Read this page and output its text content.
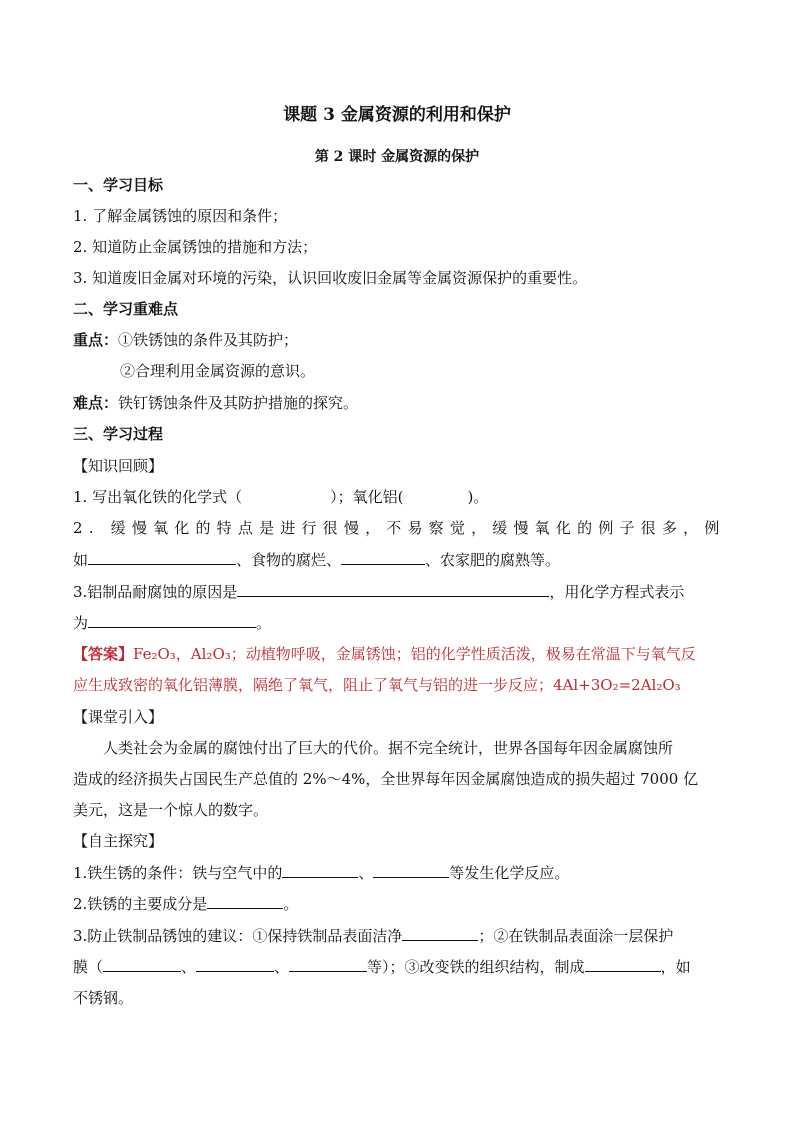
课题 3 金属资源的利用和保护
第 2 课时 金属资源的保护
一、学习目标
1. 了解金属锈蚀的原因和条件；
2. 知道防止金属锈蚀的措施和方法；
3. 知道废旧金属对环境的污染，认识回收废旧金属等金属资源保护的重要性。
二、学习重难点
重点：①铁锈蚀的条件及其防护；
②合理利用金属资源的意识。
难点：铁钉锈蚀条件及其防护措施的探究。
三、学习过程
【知识回顾】
1. 写出氧化铁的化学式（	）；氧化铝(	)。
2. 缓慢氧化的特点是进行很慢，不易察觉，缓慢氧化的例子很多，例
如	、食物的腐烂、	、农家肥的腐熟等。
3.铝制品耐腐蚀的原因是	，用化学方程式表示
为	。
【答案】Fe₂O₃，Al₂O₃；动植物呼吸，金属锈蚀；铝的化学性质活泼，极易在常温下与氧气反
应生成致密的氧化铝薄膜，隔绝了氧气，阻止了氧气与铝的进一步反应；4Al+3O₂=2Al₂O₃
【课堂引入】
人类社会为金属的腐蚀付出了巨大的代价。据不完全统计，世界各国每年因金属腐蚀所
造成的经济损失占国民生产总值的 2%～4%，全世界每年因金属腐蚀造成的损失超过 7000 亿
美元，这是一个惊人的数字。
【自主探究】
1.铁生锈的条件：铁与空气中的	、	等发生化学反应。
2.铁锈的主要成分是	。
3.防止铁制品锈蚀的建议：①保持铁制品表面洁净	；②在铁制品表面涂一层保护
膜（	、	、	等）；③改变铁的组织结构，制成	，如
不锈钢。
